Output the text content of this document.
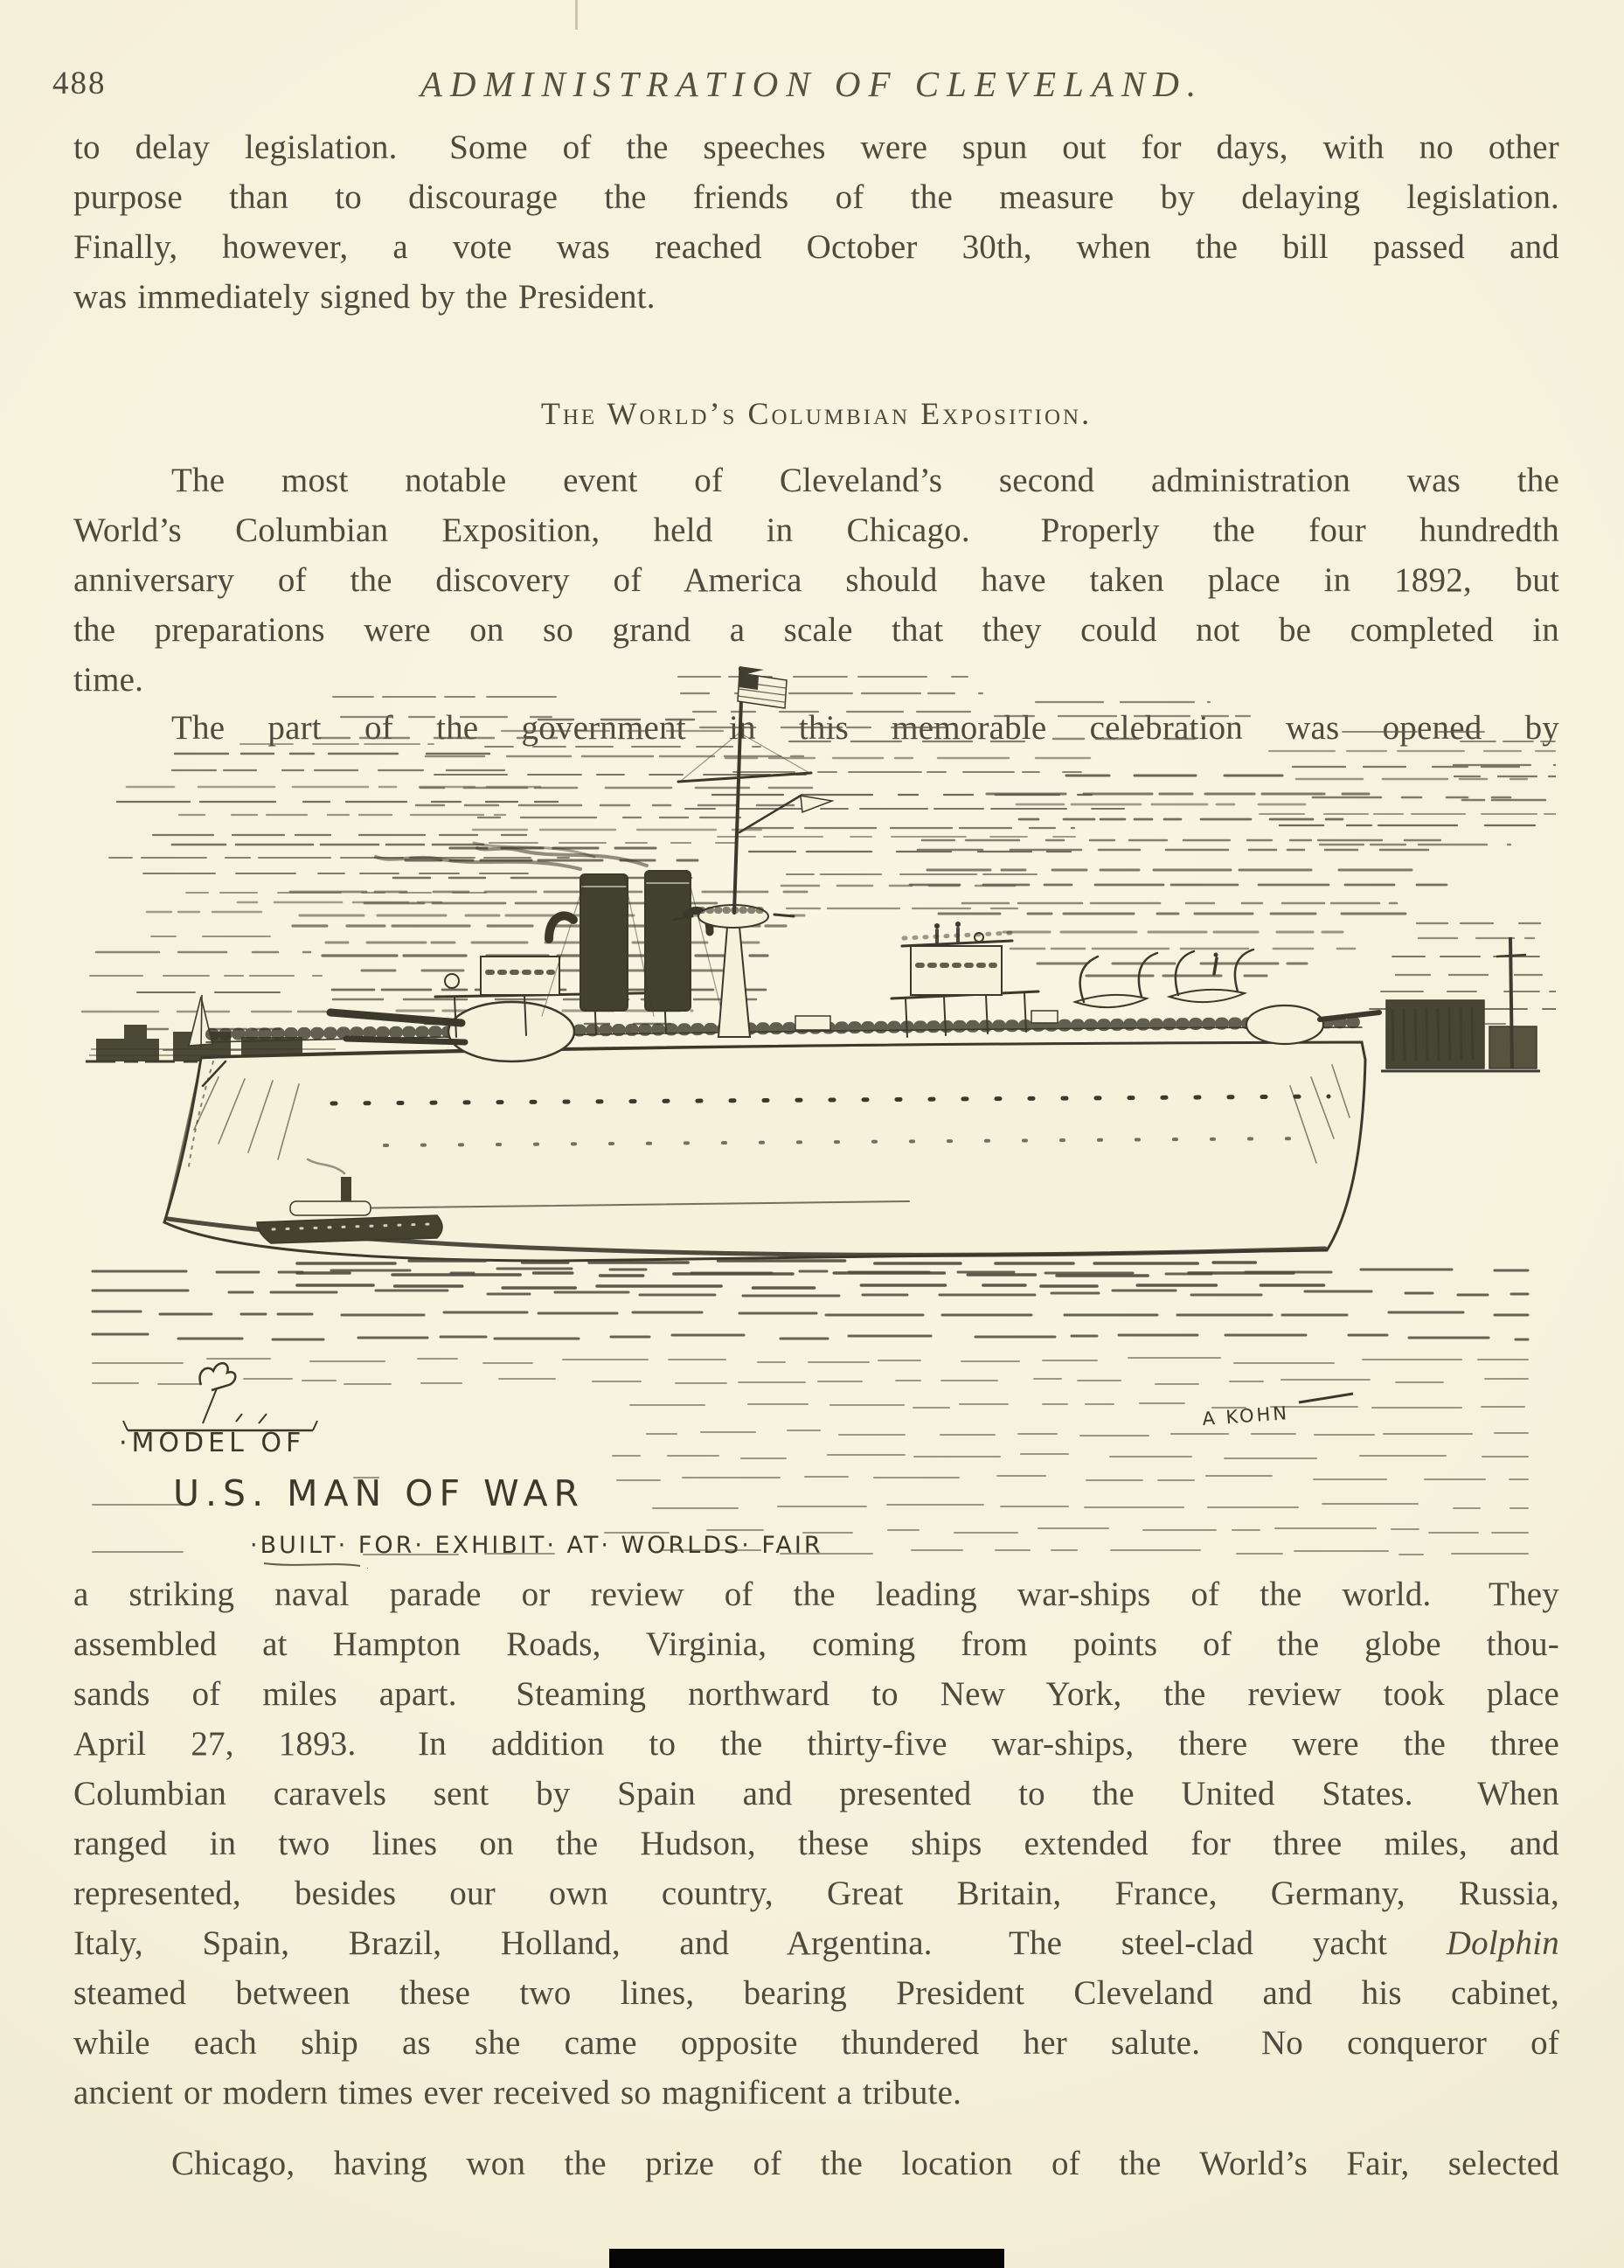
488	ADMINISTRATION OF CLEVELAND.
to delay legislation.  Some of the speeches were spun out for days, with no other
purpose than to discourage the friends of the measure by delaying legislation.
Finally, however, a vote was reached October 30th, when the bill passed and
was immediately signed by the President.
The World’s Columbian Exposition.
The most notable event of Cleveland’s second administration was the
World’s Columbian Exposition, held in Chicago.  Properly the four hundredth
anniversary of the discovery of America should have taken place in 1892, but
the preparations were on so grand a scale that they could not be completed in
time.
The part of the government in this memorable celebration was opened by
·MODEL OF
U.S. MAN OF WAR
·BUILT· FOR· EXHIBIT· AT· WORLDS· FAIR
A KOHN
a striking naval parade or review of the leading war-ships of the world.  They
assembled at Hampton Roads, Virginia, coming from points of the globe thou-
sands of miles apart.  Steaming northward to New York, the review took place
April 27, 1893.  In addition to the thirty-five war-ships, there were the three
Columbian caravels sent by Spain and presented to the United States.  When
ranged in two lines on the Hudson, these ships extended for three miles, and
represented, besides our own country, Great Britain, France, Germany, Russia,
Italy, Spain, Brazil, Holland, and Argentina.  The steel-clad yacht Dolphin
steamed between these two lines, bearing President Cleveland and his cabinet,
while each ship as she came opposite thundered her salute.  No conqueror of
ancient or modern times ever received so magnificent a tribute.
Chicago, having won the prize of the location of the World’s Fair, selected
